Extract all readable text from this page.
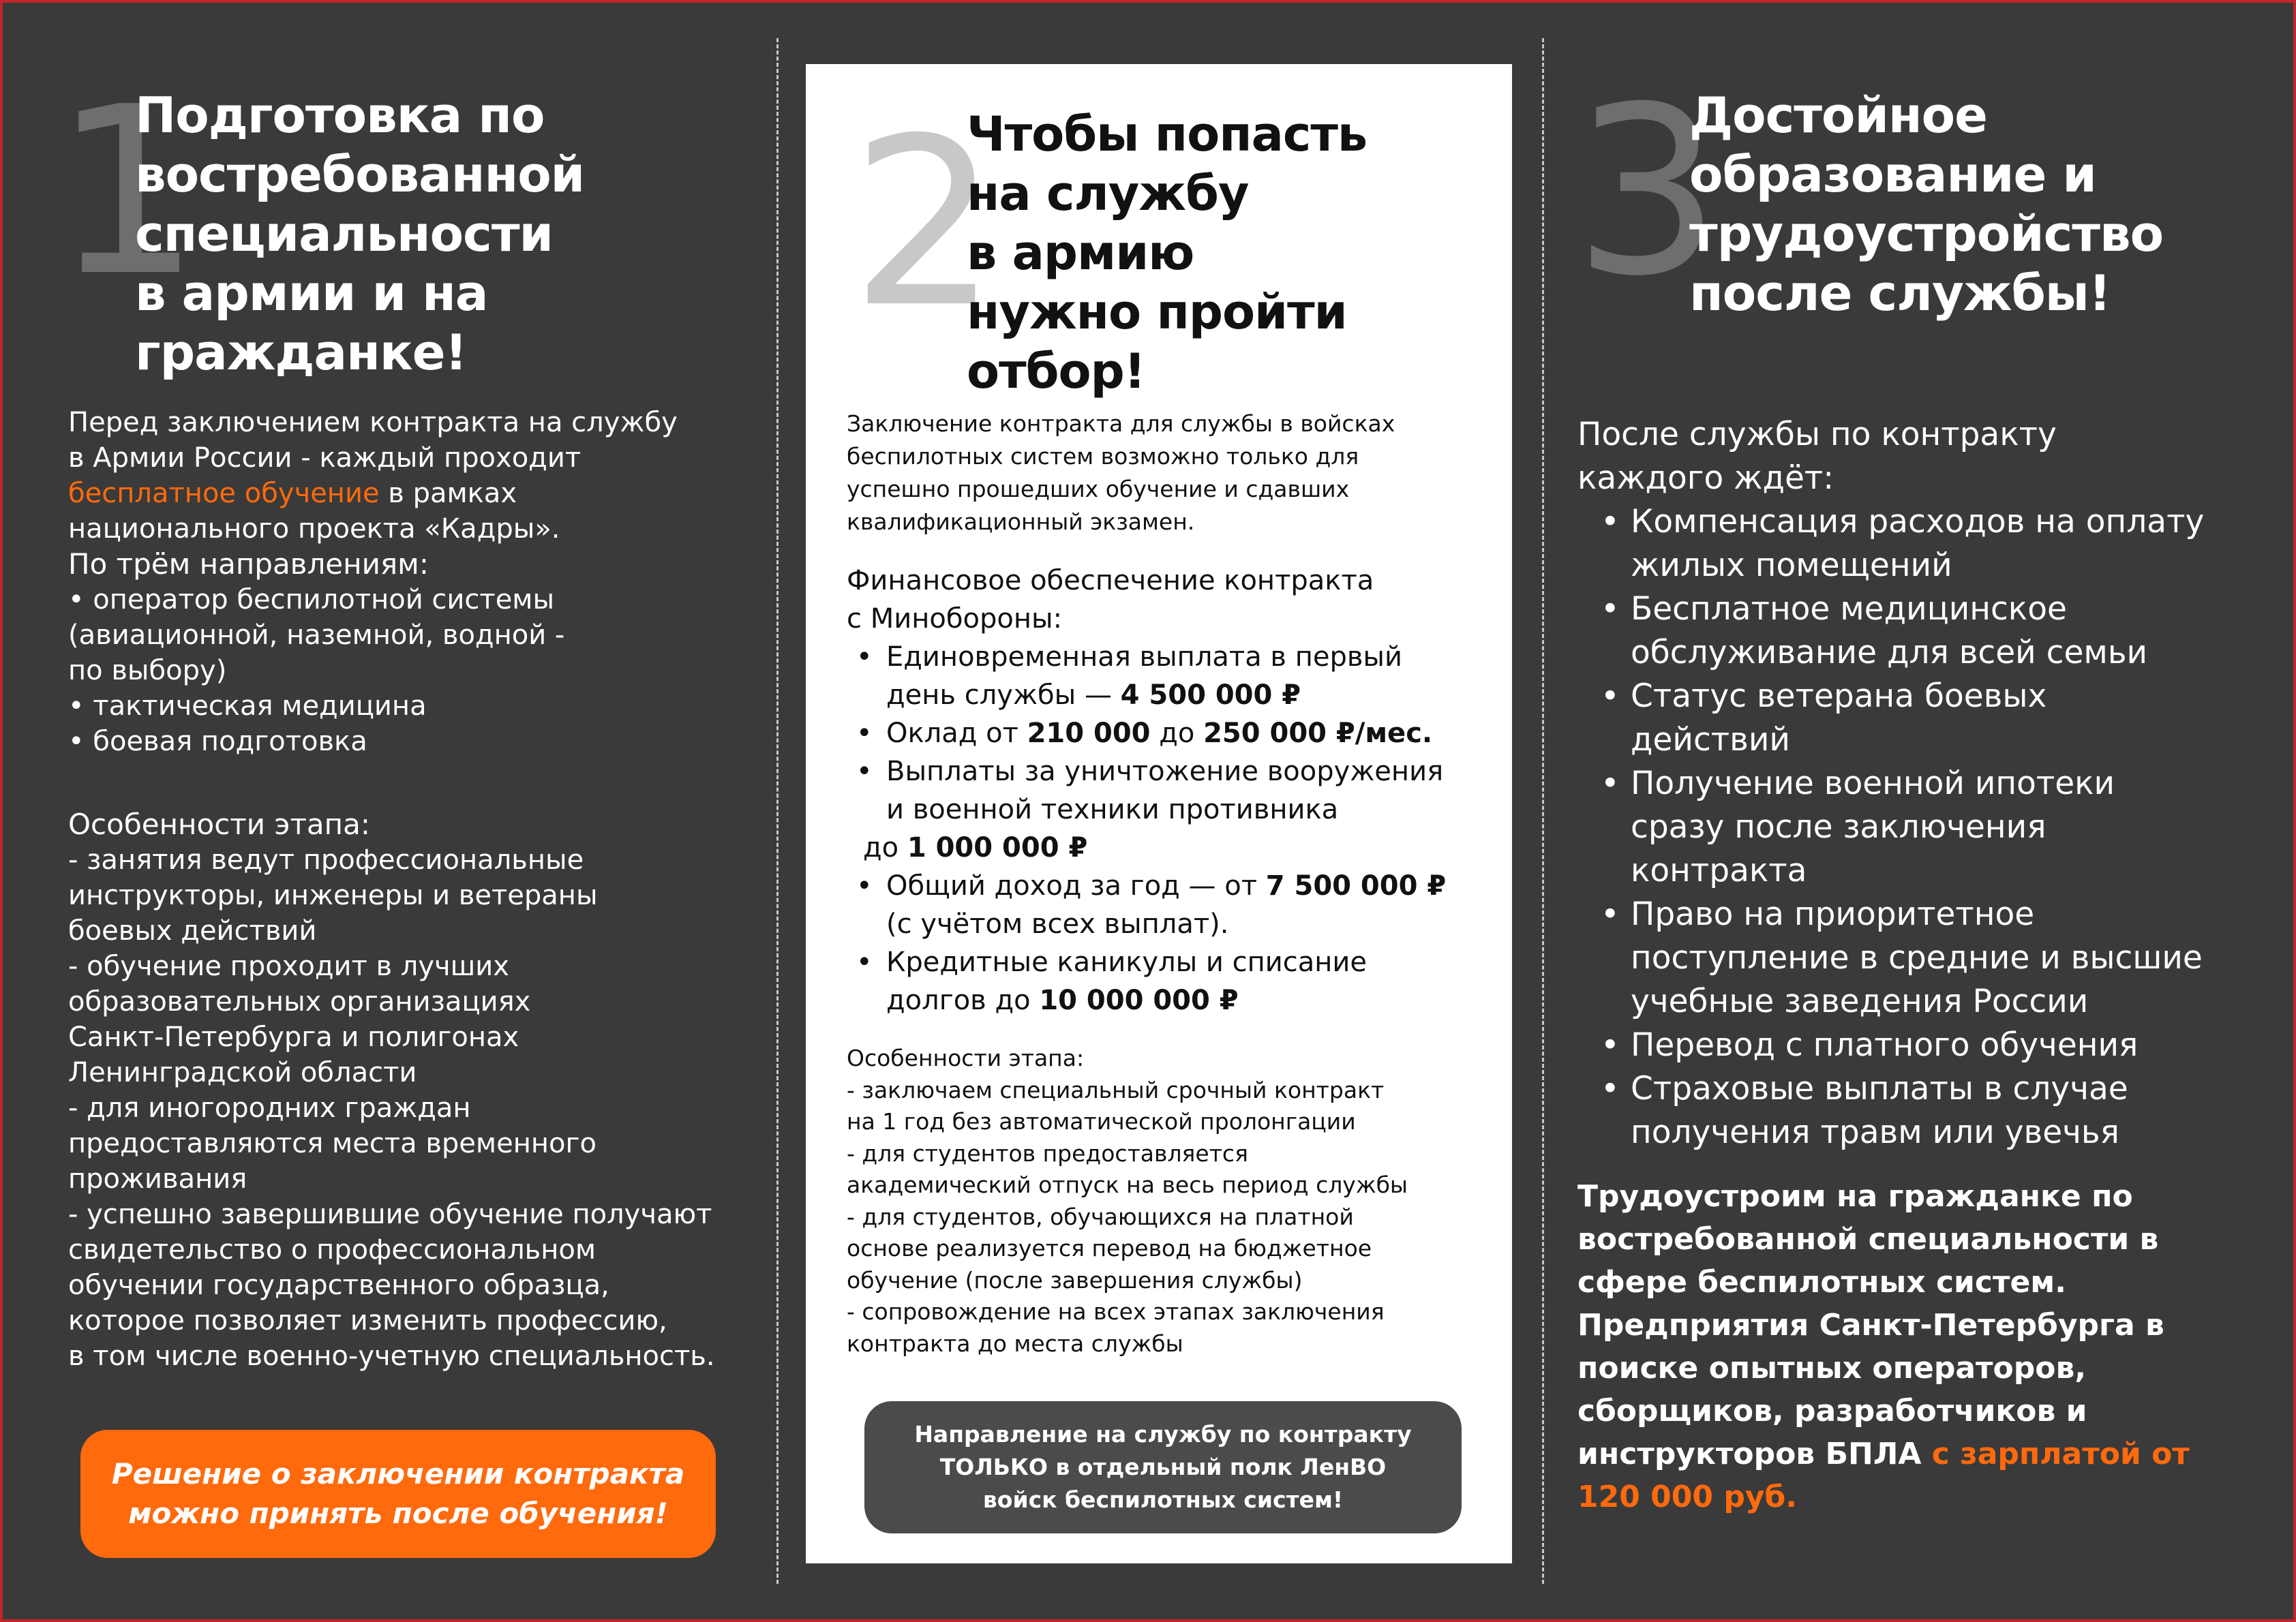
1
Подготовка по
востребованной
специальности
в армии и на
гражданке!
Перед заключением контракта на службу
в Армии России - каждый проходит
бесплатное обучение в рамках
национального проекта «Кадры».
По трём направлениям:
• оператор беспилотной системы
(авиационной, наземной, водной -
по выбору)
• тактическая медицина
• боевая подготовка
Особенности этапа:
- занятия ведут профессиональные
инструкторы, инженеры и ветераны
боевых действий
- обучение проходит в лучших
образовательных организациях
Санкт-Петербурга и полигонах
Ленинградской области
- для иногородних граждан
предоставляются места временного
проживания
- успешно завершившие обучение получают
свидетельство о профессиональном
обучении государственного образца,
которое позволяет изменить профессию,
в том числе военно-учетную специальность.
Решение о заключении контракта
можно принять после обучения!
2
Чтобы попасть
на службу
в армию
нужно пройти
отбор!
Заключение контракта для службы в войсках
беспилотных систем возможно только для
успешно прошедших обучение и сдавших
квалификационный экзамен.
Финансовое обеспечение контракта
с Минобороны:
• Единовременная выплата в первый
день службы — 4 500 000 ₽
• Оклад от 210 000 до 250 000 ₽/мес.
• Выплаты за уничтожение вооружения
и военной техники противника
до 1 000 000 ₽
• Общий доход за год — от 7 500 000 ₽
(с учётом всех выплат).
• Кредитные каникулы и списание
долгов до 10 000 000 ₽
Особенности этапа:
- заключаем специальный срочный контракт
на 1 год без автоматической пролонгации
- для студентов предоставляется
академический отпуск на весь период службы
- для студентов, обучающихся на платной
основе реализуется перевод на бюджетное
обучение (после завершения службы)
- сопровождение на всех этапах заключения
контракта до места службы
Направление на службу по контракту
ТОЛЬКО в отдельный полк ЛенВО
войск беспилотных систем!
3
Достойное
образование и
трудоустройство
после службы!
После службы по контракту
каждого ждёт:
• Компенсация расходов на оплату
жилых помещений
• Бесплатное медицинское
обслуживание для всей семьи
• Статус ветерана боевых
действий
• Получение военной ипотеки
сразу после заключения
контракта
• Право на приоритетное
поступление в средние и высшие
учебные заведения России
• Перевод с платного обучения
• Страховые выплаты в случае
получения травм или увечья
Трудоустроим на гражданке по
востребованной специальности в
сфере беспилотных систем.
Предприятия Санкт-Петербурга в
поиске опытных операторов,
сборщиков, разработчиков и
инструкторов БПЛА с зарплатой от
120 000 руб.
